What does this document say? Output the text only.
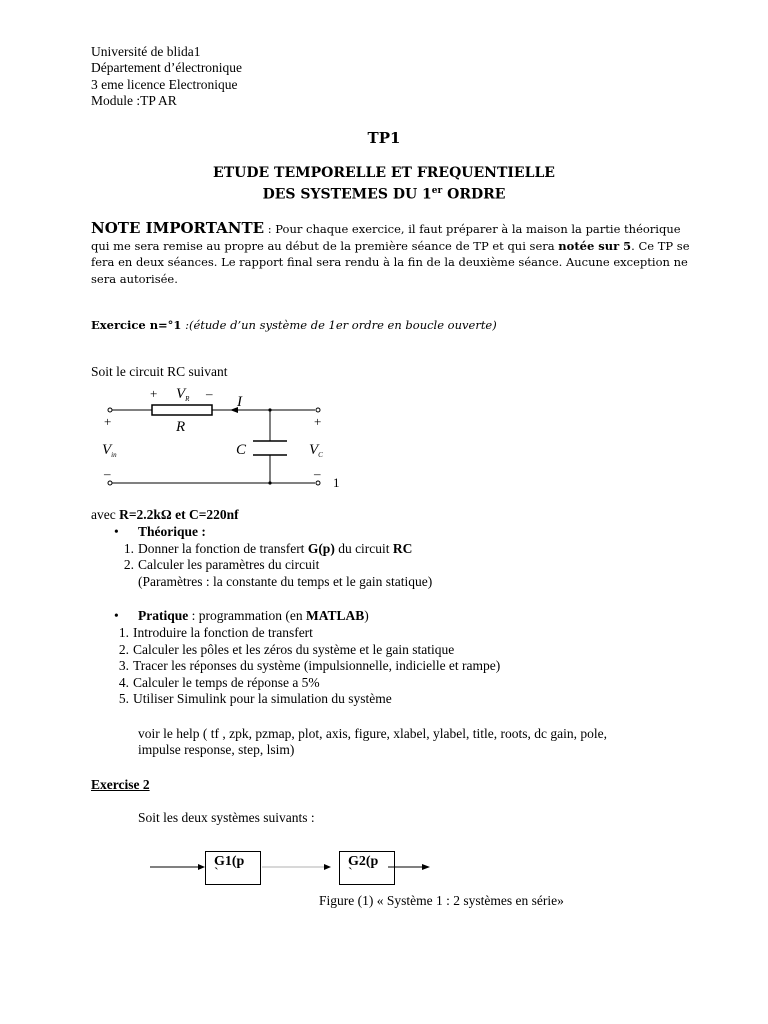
Université de blida1
Département d’électronique
3 eme licence Electronique
Module :TP AR
TP1
ETUDE TEMPORELLE ET FREQUENTIELLE
DES SYSTEMES DU 1er ORDRE
NOTE IMPORTANTE : Pour chaque exercice, il faut préparer à la maison la partie théorique qui me sera remise au propre au début de la première séance de TP et qui sera notée sur 5. Ce TP se fera en deux séances. Le rapport final sera rendu à la fin de la deuxième séance. Aucune exception ne sera autorisée.
Exercice n=°1 :(étude d’un système de 1er ordre en boucle ouverte)
Soit le circuit RC suivant
+ $V_R$ –
I
+	+
R
$V_{in}$	C	$V_C$
–	–
1
avec R=2.2kΩ et C=220nf
• Théorique :
1. Donner la fonction de transfert G(p) du circuit RC
2. Calculer les paramètres du circuit
(Paramètres : la constante du temps et le gain statique)
• Pratique : programmation (en MATLAB)
1. Introduire la fonction de transfert
2. Calculer les pôles et les zéros du système et le gain statique
3. Tracer les réponses du système (impulsionnelle, indicielle et rampe)
4. Calculer le temps de réponse a 5%
5. Utiliser Simulink pour la simulation du système
voir le help ( tf , zpk, pzmap, plot, axis, figure, xlabel, ylabel, title, roots, dc gain, pole,
impulse response, step, lsim)
Exercise 2
Soit les deux systèmes suivants :
G1(p
`
G2(p
`
Figure (1) « Système 1 : 2 systèmes en série»
